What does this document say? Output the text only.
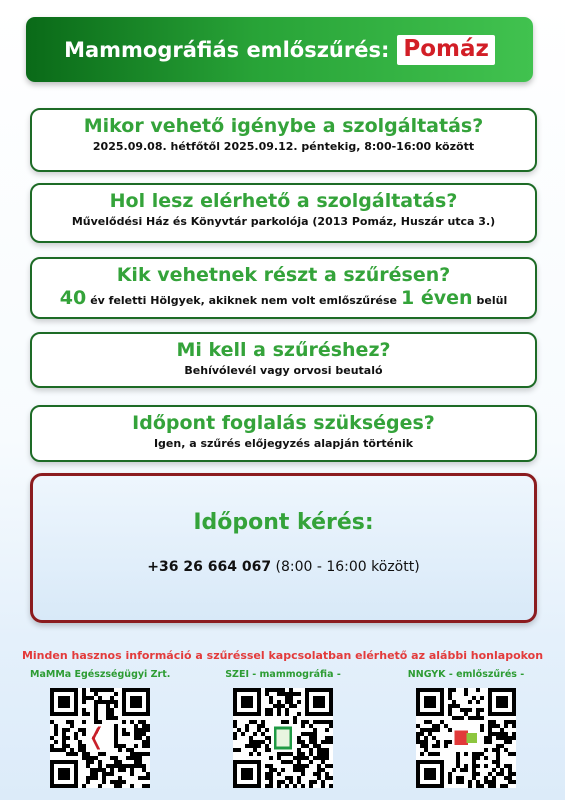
Mammográfiás emlőszűrés: Pomáz
Mikor vehető igénybe a szolgáltatás?
2025.09.08. hétfőtől 2025.09.12. péntekig, 8:00-16:00 között
Hol lesz elérhető a szolgáltatás?
Művelődési Ház és Könyvtár parkolója (2013 Pomáz, Huszár utca 3.)
Kik vehetnek részt a szűrésen?
40 év feletti Hölgyek, akiknek nem volt emlőszűrése 1 éven belül
Mi kell a szűréshez?
Behívólevél vagy orvosi beutaló
Időpont foglalás szükséges?
Igen, a szűrés előjegyzés alapján történik
Időpont kérés:
+36 26 664 067 (8:00 - 16:00 között)
Minden hasznos információ a szűréssel kapcsolatban elérhető az alábbi honlapokon
MaMMa Egészségügyi Zrt.	SZEI - mammográfia -	NNGYK - emlőszűrés -
